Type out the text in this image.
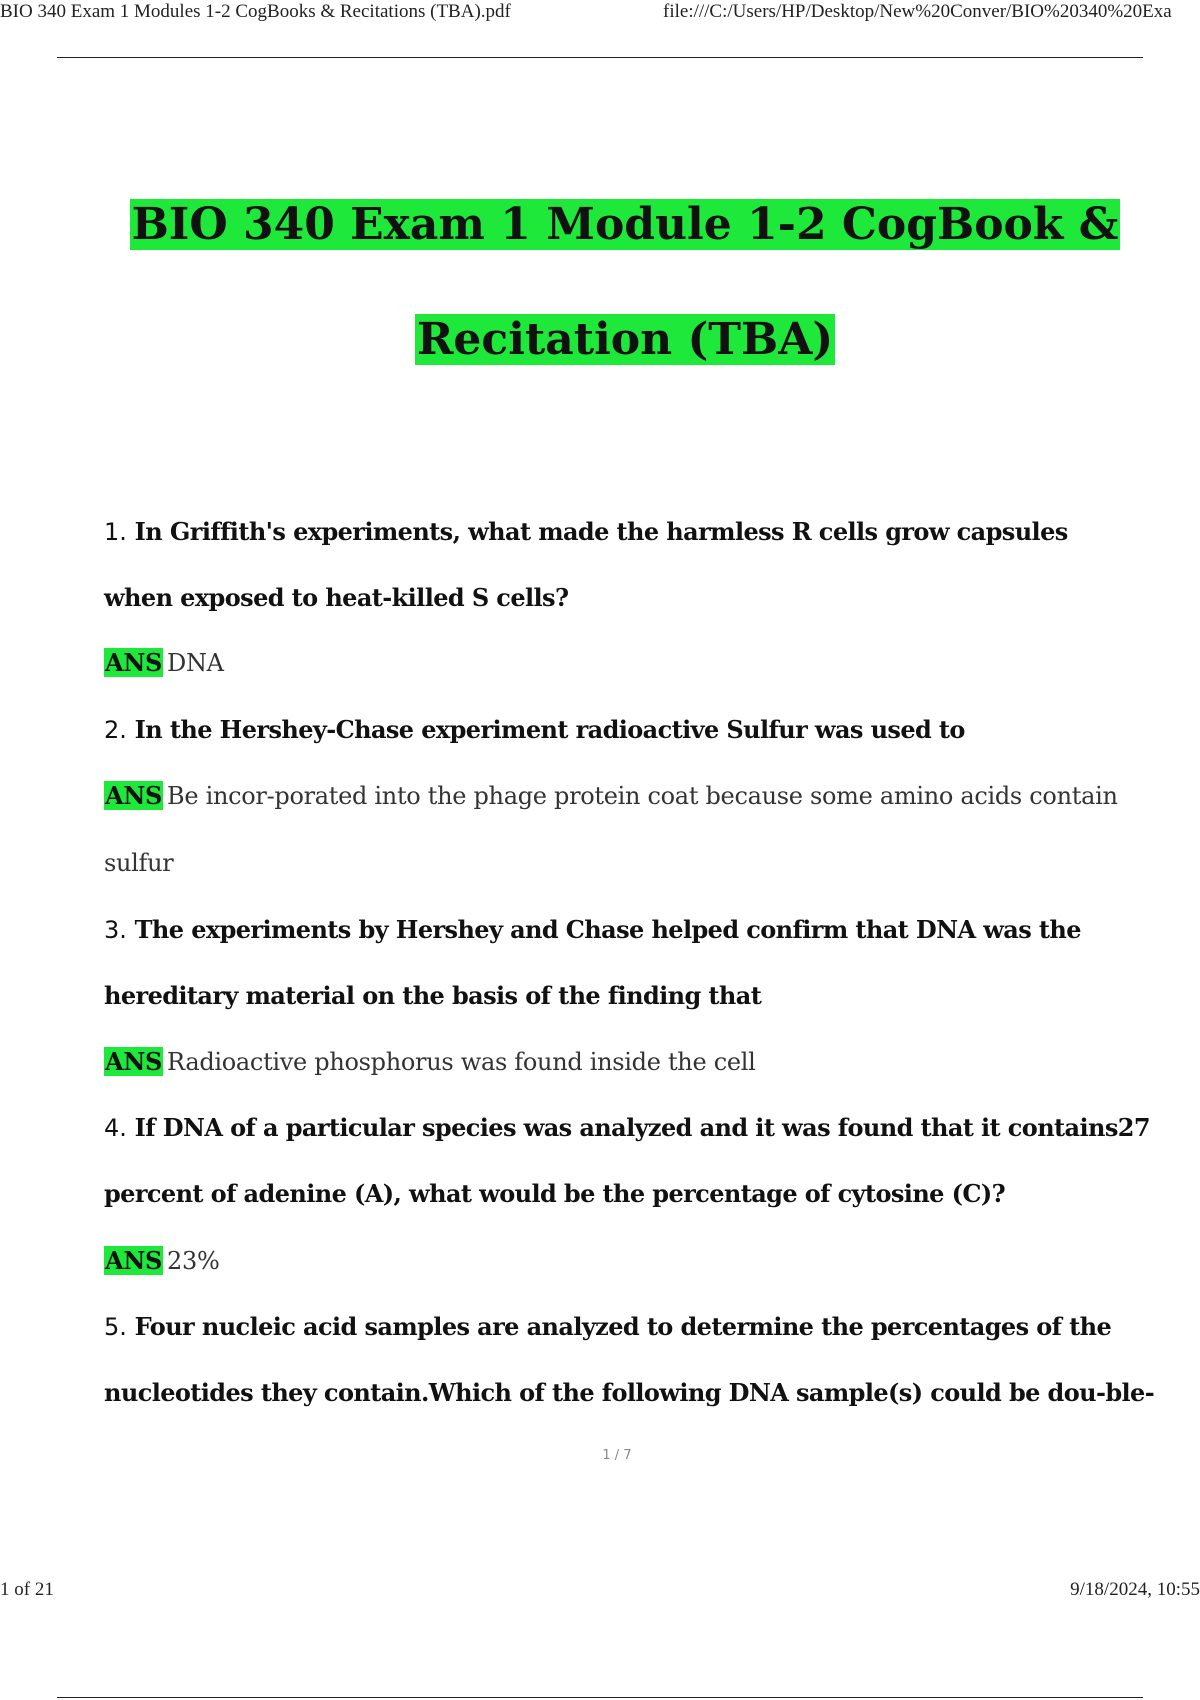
BIO 340 Exam 1 Modules 1-2 CogBooks & Recitations (TBA).pdf	file:///C:/Users/HP/Desktop/New%20Conver/BIO%20340%20Exa
BIO 340 Exam 1 Module 1-2 CogBook &
Recitation (TBA)
1. In Griffith's experiments, what made the harmless R cells grow capsules
when exposed to heat-killed S cells?
ANS DNA
2. In the Hershey-Chase experiment radioactive Sulfur was used to
ANS Be incor-porated into the phage protein coat because some amino acids contain
sulfur
3. The experiments by Hershey and Chase helped confirm that DNA was the
hereditary material on the basis of the finding that
ANS Radioactive phosphorus was found inside the cell
4. If DNA of a particular species was analyzed and it was found that it contains27
percent of adenine (A), what would be the percentage of cytosine (C)?
ANS 23%
5. Four nucleic acid samples are analyzed to determine the percentages of the
nucleotides they contain.Which of the following DNA sample(s) could be dou-ble-
1 / 7
1 of 21	9/18/2024, 10:55
